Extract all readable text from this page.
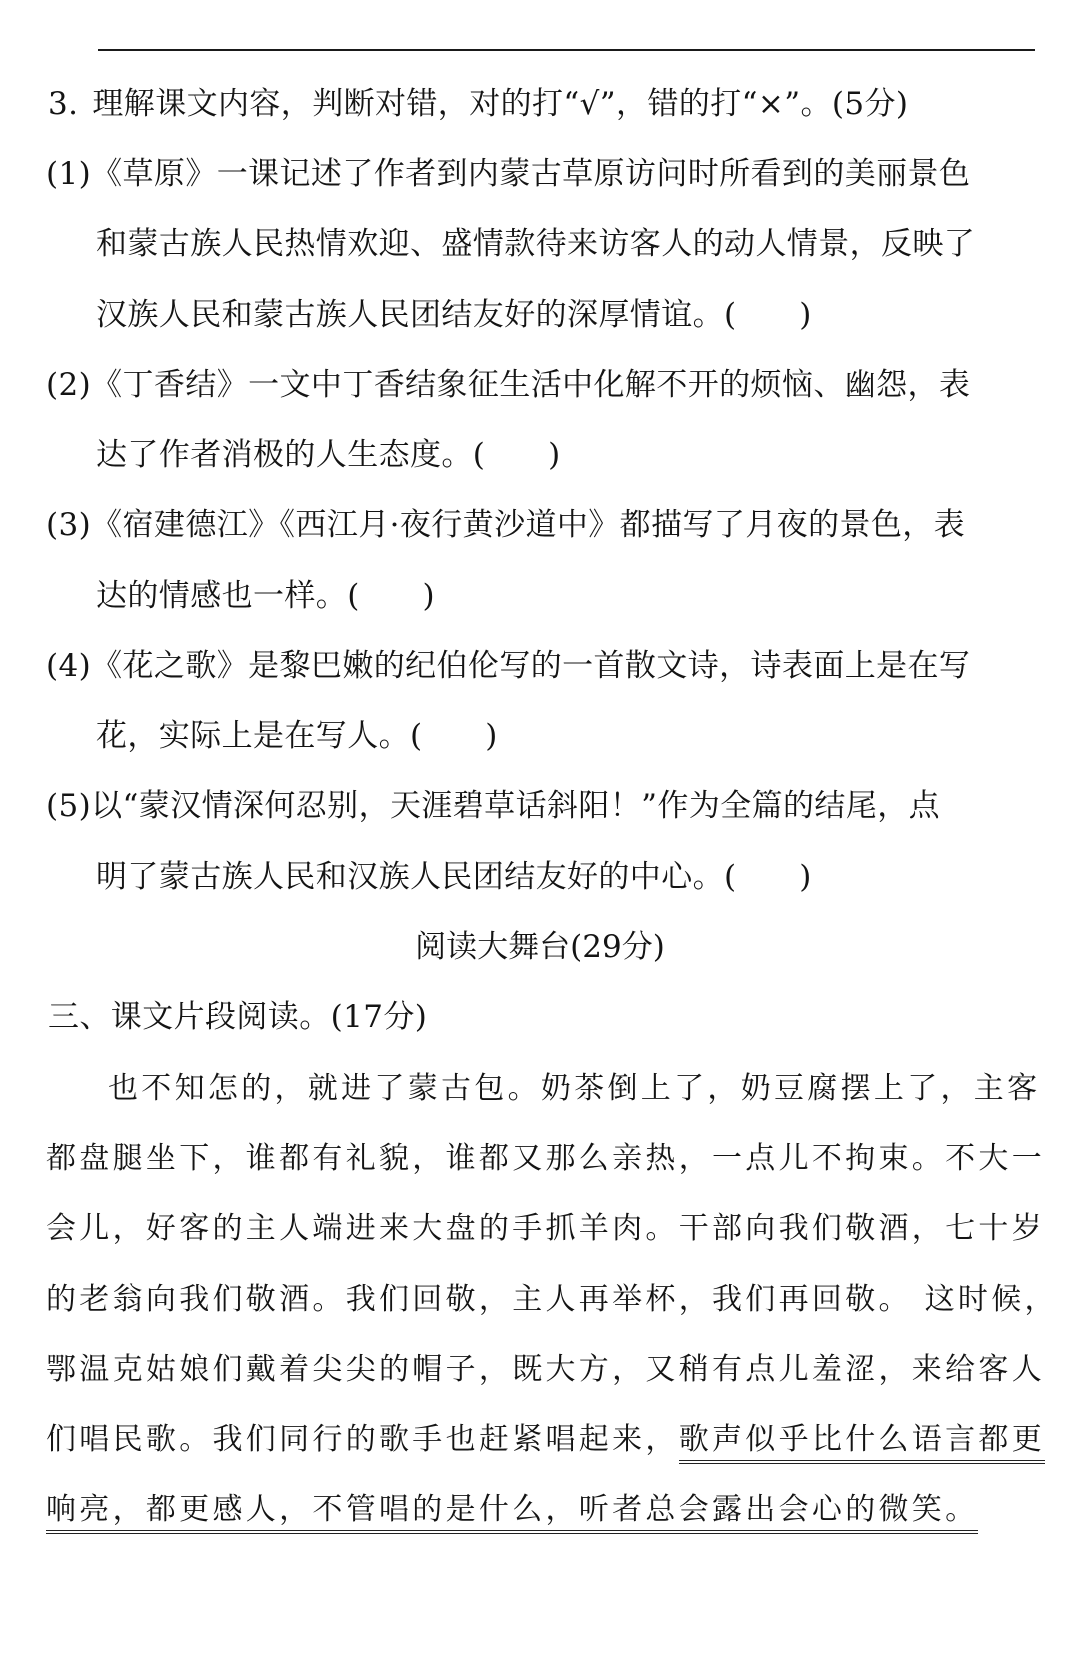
3. 理解课文内容，判断对错，对的打“√”，错的打“×”。(5分)
(1)《草原》一课记述了作者到内蒙古草原访问时所看到的美丽景色
和蒙古族人民热情欢迎、盛情款待来访客人的动人情景，反映了
汉族人民和蒙古族人民团结友好的深厚情谊。(　　)
(2)《丁香结》一文中丁香结象征生活中化解不开的烦恼、幽怨，表
达了作者消极的人生态度。(　　)
(3)《宿建德江》《西江月·夜行黄沙道中》都描写了月夜的景色，表
达的情感也一样。(　　)
(4)《花之歌》是黎巴嫩的纪伯伦写的一首散文诗，诗表面上是在写
花，实际上是在写人。(　　)
(5)以“蒙汉情深何忍别，天涯碧草话斜阳！”作为全篇的结尾，点
明了蒙古族人民和汉族人民团结友好的中心。(　　)
阅读大舞台(29分)
三、课文片段阅读。(17分)
也不知怎的，就进了蒙古包。奶茶倒上了，奶豆腐摆上了，主客
都盘腿坐下，谁都有礼貌，谁都又那么亲热，一点儿不拘束。不大一
会儿，好客的主人端进来大盘的手抓羊肉。干部向我们敬酒，七十岁
的老翁向我们敬酒。我们回敬，主人再举杯，我们再回敬。 这时候，
鄂温克姑娘们戴着尖尖的帽子，既大方，又稍有点儿羞涩，来给客人
们唱民歌。我们同行的歌手也赶紧唱起来，歌声似乎比什么语言都更
响亮，都更感人，不管唱的是什么，听者总会露出会心的微笑。
